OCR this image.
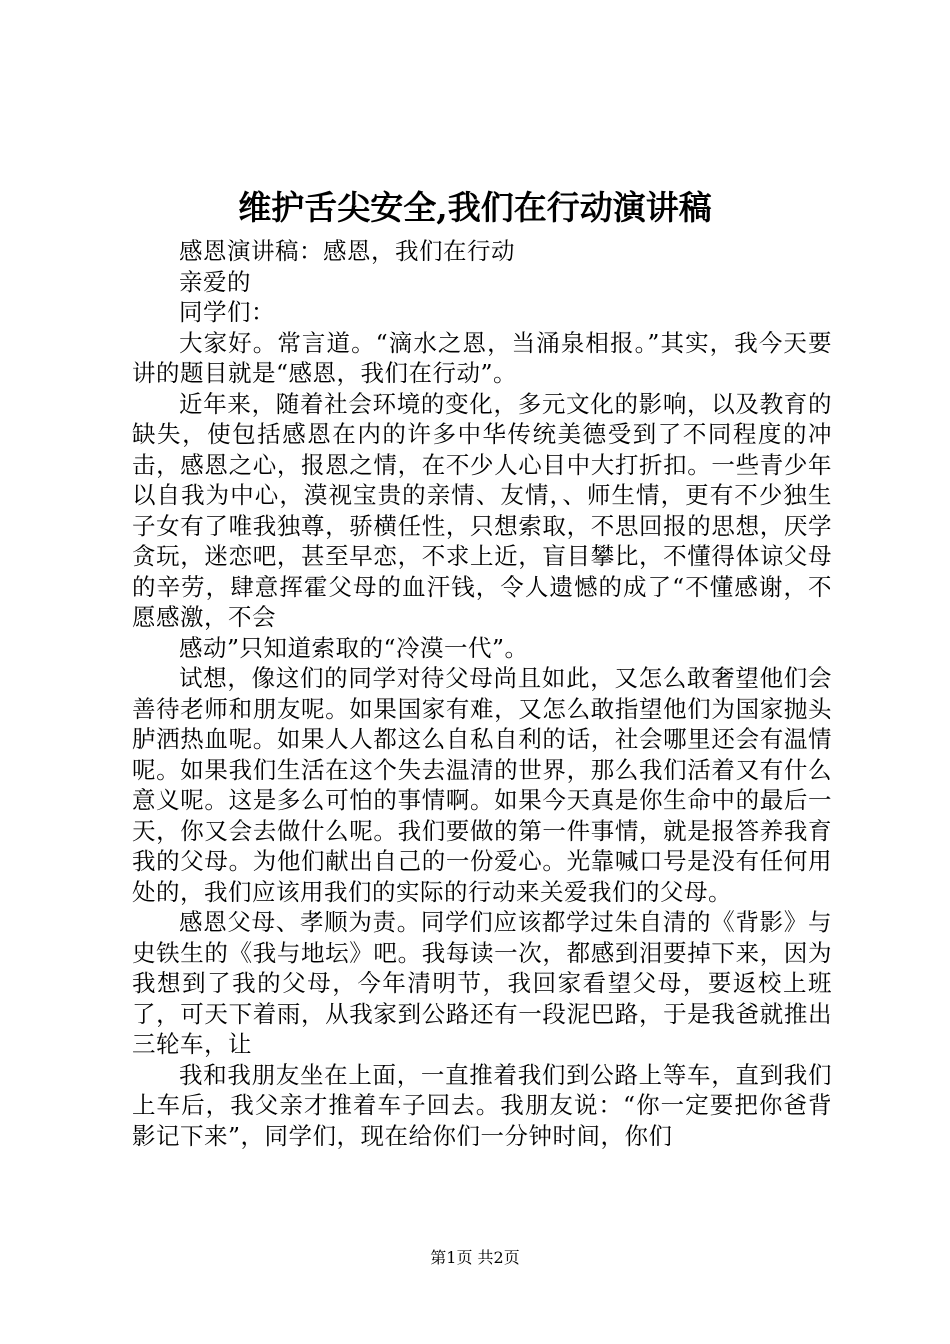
维护舌尖安全,我们在行动演讲稿

感恩演讲稿：感恩，我们在行动

亲爱的

同学们：

大家好。常言道。“滴水之恩，当涌泉相报。”其实，我今天要讲的题目就是“感恩，我们在行动”。

近年来，随着社会环境的变化，多元文化的影响，以及教育的缺失，使包括感恩在内的许多中华传统美德受到了不同程度的冲击，感恩之心，报恩之情，在不少人心目中大打折扣。一些青少年以自我为中心，漠视宝贵的亲情、友情，、师生情，更有不少独生子女有了唯我独尊，骄横任性，只想索取，不思回报的思想，厌学贪玩，迷恋吧，甚至早恋，不求上近，盲目攀比，不懂得体谅父母的辛劳，肆意挥霍父母的血汗钱，令人遗憾的成了“不懂感谢，不愿感激，不会

感动”只知道索取的“冷漠一代”。

试想，像这们的同学对待父母尚且如此，又怎么敢奢望他们会善待老师和朋友呢。如果国家有难，又怎么敢指望他们为国家抛头胪洒热血呢。如果人人都这么自私自利的话，社会哪里还会有温情呢。如果我们生活在这个失去温清的世界，那么我们活着又有什么意义呢。这是多么可怕的事情啊。如果今天真是你生命中的最后一天，你又会去做什么呢。我们要做的第一件事情，就是报答养我育我的父母。为他们献出自己的一份爱心。光靠喊口号是没有任何用处的，我们应该用我们的实际的行动来关爱我们的父母。

感恩父母、孝顺为责。同学们应该都学过朱自清的《背影》与史铁生的《我与地坛》吧。我每读一次，都感到泪要掉下来，因为我想到了我的父母，今年清明节，我回家看望父母，要返校上班了，可天下着雨，从我家到公路还有一段泥巴路，于是我爸就推出三轮车，让

我和我朋友坐在上面，一直推着我们到公路上等车，直到我们上车后，我父亲才推着车子回去。我朋友说：“你一定要把你爸背影记下来”，同学们，现在给你们一分钟时间，你们

第1页 共2页
